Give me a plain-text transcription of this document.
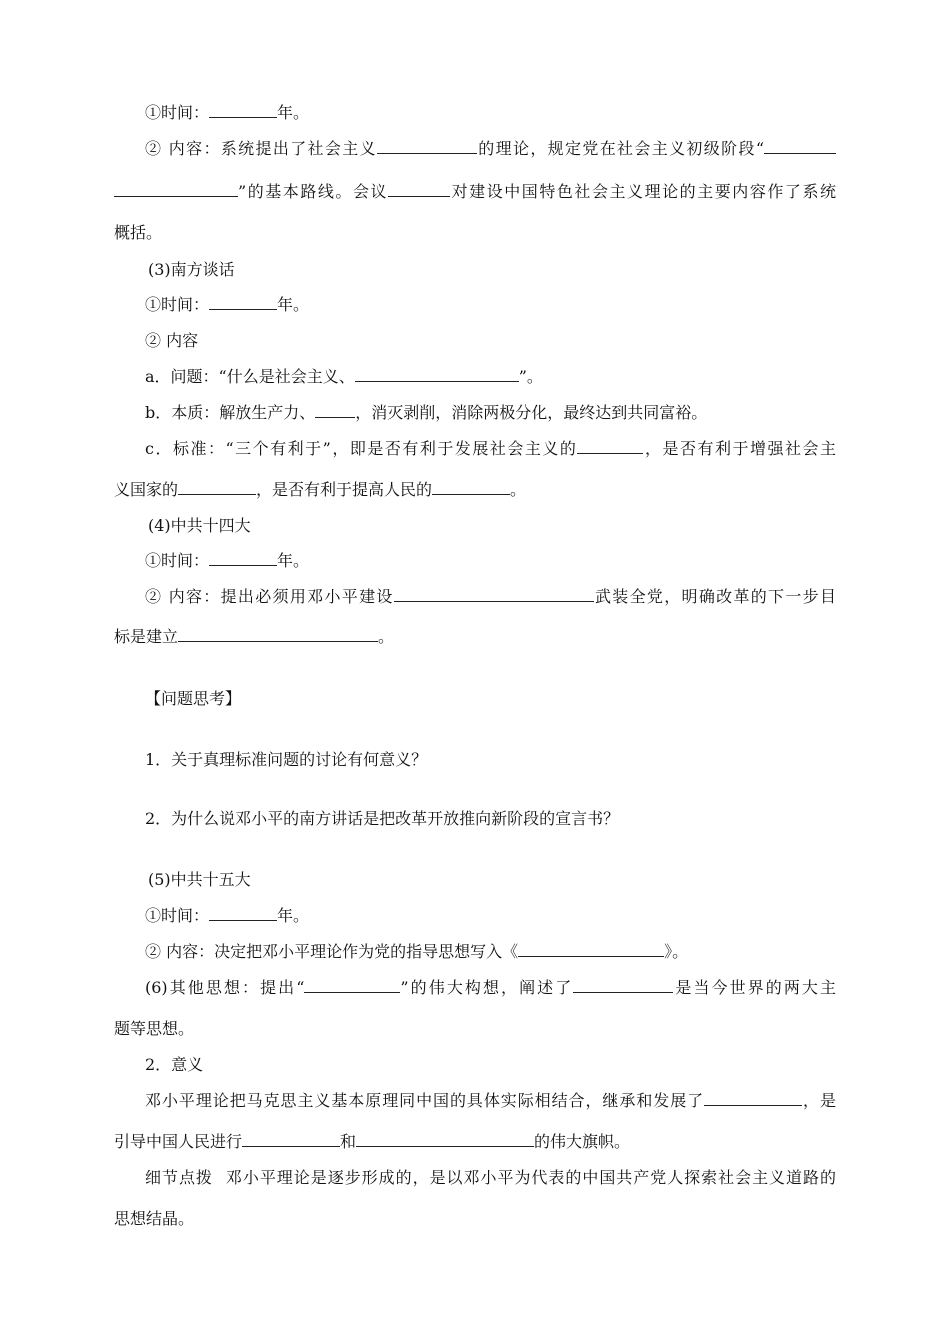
①时间：	年。
② 内容：系统提出了社会主义	的理论，规定党在社会主义初级阶段“
”的基本路线。会议	对建设中国特色社会主义理论的主要内容作了系统
概括。
(3)南方谈话
①时间：	年。
② 内容
a．问题：“什么是社会主义、	”。
b．本质：解放生产力、	，消灭剥削，消除两极分化，最终达到共同富裕。
c．标准：“三个有利于”，即是否有利于发展社会主义的	，是否有利于增强社会主
义国家的	，是否有利于提高人民的	。
(4)中共十四大
①时间：	年。
② 内容：提出必须用邓小平建设	武装全党，明确改革的下一步目
标是建立	。
【问题思考】
1．关于真理标准问题的讨论有何意义？
2．为什么说邓小平的南方讲话是把改革开放推向新阶段的宣言书？
(5)中共十五大
①时间：	年。
② 内容：决定把邓小平理论作为党的指导思想写入《	》。
(6)其他思想：提出“	”的伟大构想，阐述了	是当今世界的两大主
题等思想。
2．意义
邓小平理论把马克思主义基本原理同中国的具体实际相结合，继承和发展了	，是
引导中国人民进行	和	的伟大旗帜。
细节点拨 邓小平理论是逐步形成的，是以邓小平为代表的中国共产党人探索社会主义道路的
思想结晶。
